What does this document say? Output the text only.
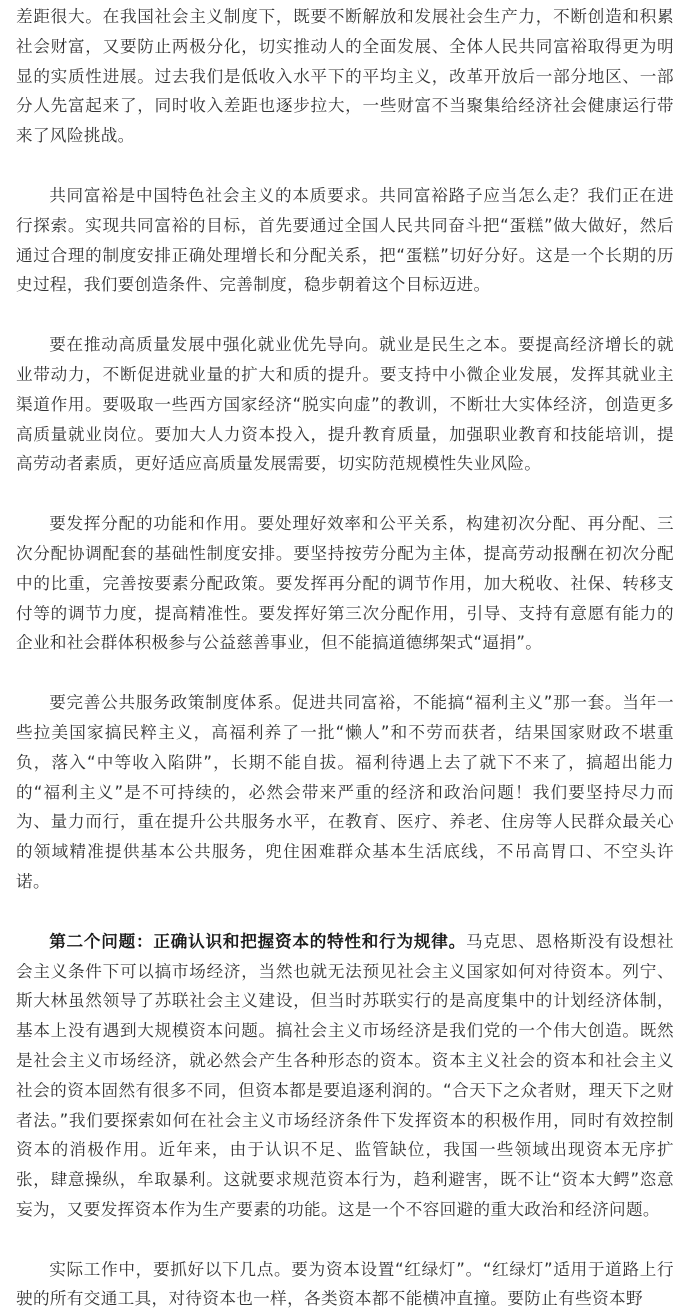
差距很大。在我国社会主义制度下，既要不断解放和发展社会生产力，不断创造和积累社会财富，又要防止两极分化，切实推动人的全面发展、全体人民共同富裕取得更为明显的实质性进展。过去我们是低收入水平下的平均主义，改革开放后一部分地区、一部分人先富起来了，同时收入差距也逐步拉大，一些财富不当聚集给经济社会健康运行带来了风险挑战。

共同富裕是中国特色社会主义的本质要求。共同富裕路子应当怎么走？我们正在进行探索。实现共同富裕的目标，首先要通过全国人民共同奋斗把“蛋糕”做大做好，然后通过合理的制度安排正确处理增长和分配关系，把“蛋糕”切好分好。这是一个长期的历史过程，我们要创造条件、完善制度，稳步朝着这个目标迈进。

要在推动高质量发展中强化就业优先导向。就业是民生之本。要提高经济增长的就业带动力，不断促进就业量的扩大和质的提升。要支持中小微企业发展，发挥其就业主渠道作用。要吸取一些西方国家经济“脱实向虚”的教训，不断壮大实体经济，创造更多高质量就业岗位。要加大人力资本投入，提升教育质量，加强职业教育和技能培训，提高劳动者素质，更好适应高质量发展需要，切实防范规模性失业风险。

要发挥分配的功能和作用。要处理好效率和公平关系，构建初次分配、再分配、三次分配协调配套的基础性制度安排。要坚持按劳分配为主体，提高劳动报酬在初次分配中的比重，完善按要素分配政策。要发挥再分配的调节作用，加大税收、社保、转移支付等的调节力度，提高精准性。要发挥好第三次分配作用，引导、支持有意愿有能力的企业和社会群体积极参与公益慈善事业，但不能搞道德绑架式“逼捐”。

要完善公共服务政策制度体系。促进共同富裕，不能搞“福利主义”那一套。当年一些拉美国家搞民粹主义，高福利养了一批“懒人”和不劳而获者，结果国家财政不堪重负，落入“中等收入陷阱”，长期不能自拔。福利待遇上去了就下不来了，搞超出能力的“福利主义”是不可持续的，必然会带来严重的经济和政治问题！我们要坚持尽力而为、量力而行，重在提升公共服务水平，在教育、医疗、养老、住房等人民群众最关心的领域精准提供基本公共服务，兜住困难群众基本生活底线，不吊高胃口、不空头许诺。

第二个问题：正确认识和把握资本的特性和行为规律。马克思、恩格斯没有设想社会主义条件下可以搞市场经济，当然也就无法预见社会主义国家如何对待资本。列宁、斯大林虽然领导了苏联社会主义建设，但当时苏联实行的是高度集中的计划经济体制，基本上没有遇到大规模资本问题。搞社会主义市场经济是我们党的一个伟大创造。既然是社会主义市场经济，就必然会产生各种形态的资本。资本主义社会的资本和社会主义社会的资本固然有很多不同，但资本都是要追逐利润的。“合天下之众者财，理天下之财者法。”我们要探索如何在社会主义市场经济条件下发挥资本的积极作用，同时有效控制资本的消极作用。近年来，由于认识不足、监管缺位，我国一些领域出现资本无序扩张，肆意操纵，牟取暴利。这就要求规范资本行为，趋利避害，既不让“资本大鳄”恣意妄为，又要发挥资本作为生产要素的功能。这是一个不容回避的重大政治和经济问题。

实际工作中，要抓好以下几点。要为资本设置“红绿灯”。“红绿灯”适用于道路上行驶的所有交通工具，对待资本也一样，各类资本都不能横冲直撞。要防止有些资本野
